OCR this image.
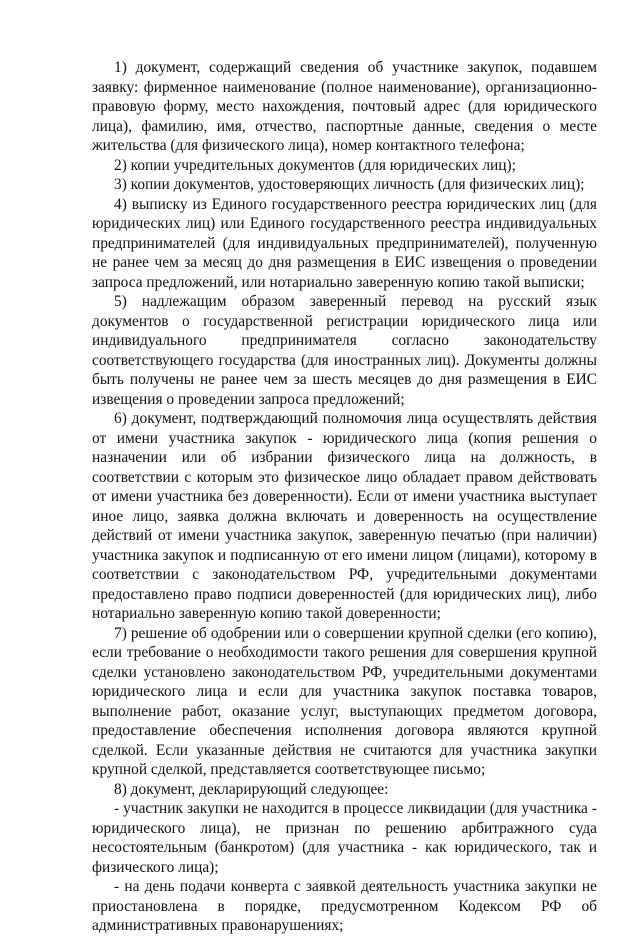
1) документ, содержащий сведения об участнике закупок, подавшем заявку: фирменное наименование (полное наименование), организационно-правовую форму, место нахождения, почтовый адрес (для юридического лица), фамилию, имя, отчество, паспортные данные, сведения о месте жительства (для физического лица), номер контактного телефона;

2) копии учредительных документов (для юридических лиц);

3) копии документов, удостоверяющих личность (для физических лиц);

4) выписку из Единого государственного реестра юридических лиц (для юридических лиц) или Единого государственного реестра индивидуальных предпринимателей (для индивидуальных предпринимателей), полученную не ранее чем за месяц до дня размещения в ЕИС извещения о проведении запроса предложений, или нотариально заверенную копию такой выписки;

5) надлежащим образом заверенный перевод на русский язык документов о государственной регистрации юридического лица или индивидуального предпринимателя согласно законодательству соответствующего государства (для иностранных лиц). Документы должны быть получены не ранее чем за шесть месяцев до дня размещения в ЕИС извещения о проведении запроса предложений;

6) документ, подтверждающий полномочия лица осуществлять действия от имени участника закупок - юридического лица (копия решения о назначении или об избрании физического лица на должность, в соответствии с которым это физическое лицо обладает правом действовать от имени участника без доверенности). Если от имени участника выступает иное лицо, заявка должна включать и доверенность на осуществление действий от имени участника закупок, заверенную печатью (при наличии) участника закупок и подписанную от его имени лицом (лицами), которому в соответствии с законодательством РФ, учредительными документами предоставлено право подписи доверенностей (для юридических лиц), либо нотариально заверенную копию такой доверенности;

7) решение об одобрении или о совершении крупной сделки (его копию), если требование о необходимости такого решения для совершения крупной сделки установлено законодательством РФ, учредительными документами юридического лица и если для участника закупок поставка товаров, выполнение работ, оказание услуг, выступающих предметом договора, предоставление обеспечения исполнения договора являются крупной сделкой. Если указанные действия не считаются для участника закупки крупной сделкой, представляется соответствующее письмо;

8) документ, декларирующий следующее:

- участник закупки не находится в процессе ликвидации (для участника - юридического лица), не признан по решению арбитражного суда несостоятельным (банкротом) (для участника - как юридического, так и физического лица);

- на день подачи конверта с заявкой деятельность участника закупки не приостановлена в порядке, предусмотренном Кодексом РФ об административных правонарушениях;
